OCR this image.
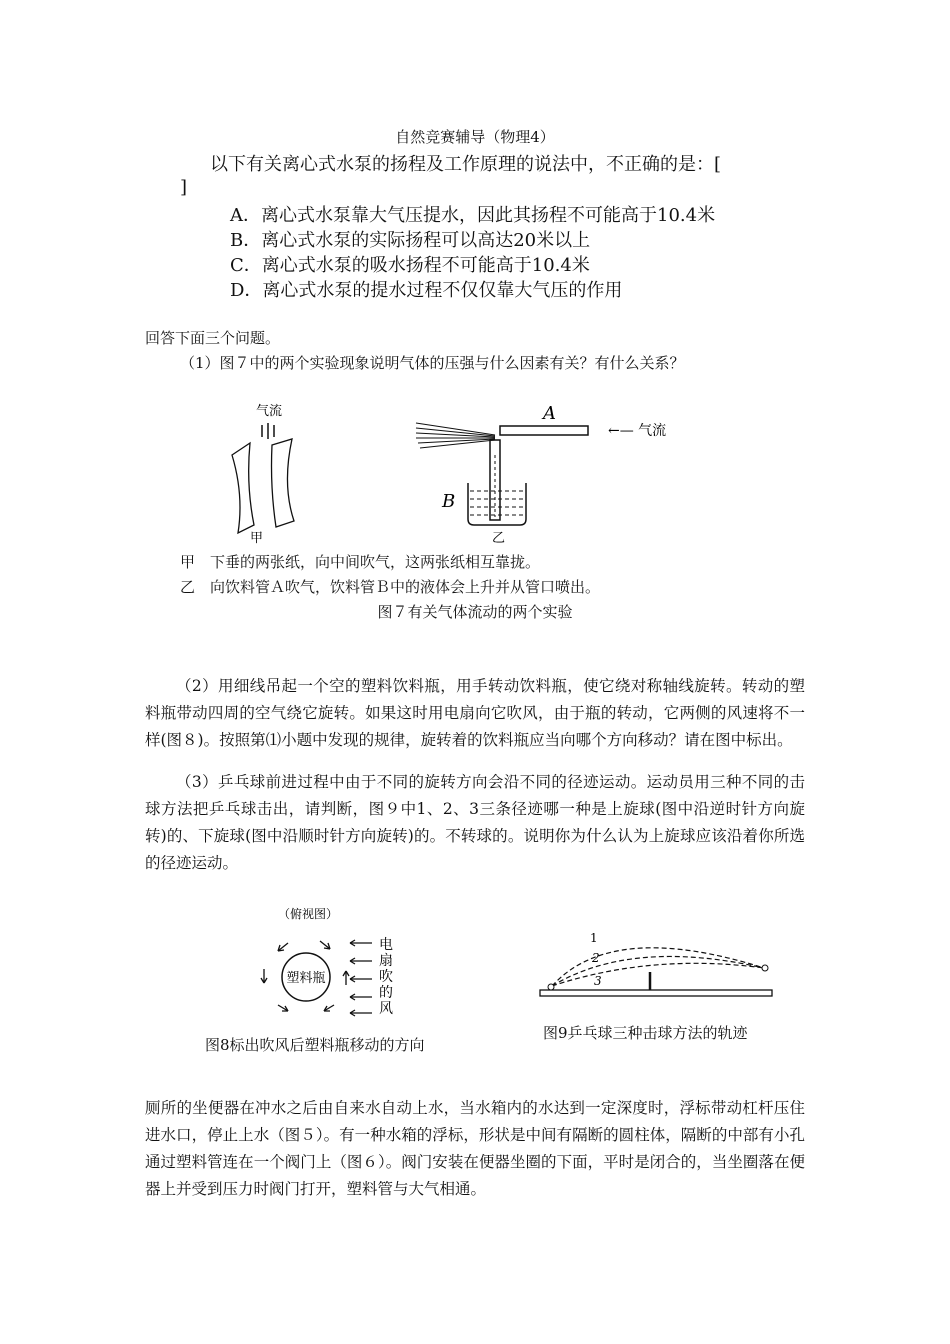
自然竞赛辅导（物理4）
以下有关离心式水泵的扬程及工作原理的说法中，不正确的是：[
]
A．离心式水泵靠大气压提水，因此其扬程不可能高于10.4米
B．离心式水泵的实际扬程可以高达20米以上
C．离心式水泵的吸水扬程不可能高于10.4米
D．离心式水泵的提水过程不仅仅靠大气压的作用
回答下面三个问题。
（1）图７中的两个实验现象说明气体的压强与什么因素有关？有什么关系？
气流
甲
A
←— 气流
B
乙
甲　下垂的两张纸，向中间吹气，这两张纸相互靠拢。
乙　向饮料管Ａ吹气，饮料管Ｂ中的液体会上升并从管口喷出。
图７有关气体流动的两个实验
（2）用细线吊起一个空的塑料饮料瓶，用手转动饮料瓶，使它绕对称轴线旋转。转动的塑料瓶带动四周的空气绕它旋转。如果这时用电扇向它吹风，由于瓶的转动，它两侧的风速将不一样(图８)。按照第⑴小题中发现的规律，旋转着的饮料瓶应当向哪个方向移动？请在图中标出。
（3）乒乓球前进过程中由于不同的旋转方向会沿不同的径迹运动。运动员用三种不同的击球方法把乒乓球击出，请判断，图９中1、2、3三条径迹哪一种是上旋球(图中沿逆时针方向旋转)的、下旋球(图中沿顺时针方向旋转)的。不转球的。说明你为什么认为上旋球应该沿着你所选的径迹运动。
（俯视图）
塑料瓶
电
扇
吹
的
风
图8标出吹风后塑料瓶移动的方向
1
2
3
图9乒乓球三种击球方法的轨迹
厕所的坐便器在冲水之后由自来水自动上水，当水箱内的水达到一定深度时，浮标带动杠杆压住进水口，停止上水（图５）。有一种水箱的浮标，形状是中间有隔断的圆柱体，隔断的中部有小孔通过塑料管连在一个阀门上（图６）。阀门安装在便器坐圈的下面，平时是闭合的，当坐圈落在便器上并受到压力时阀门打开，塑料管与大气相通。
